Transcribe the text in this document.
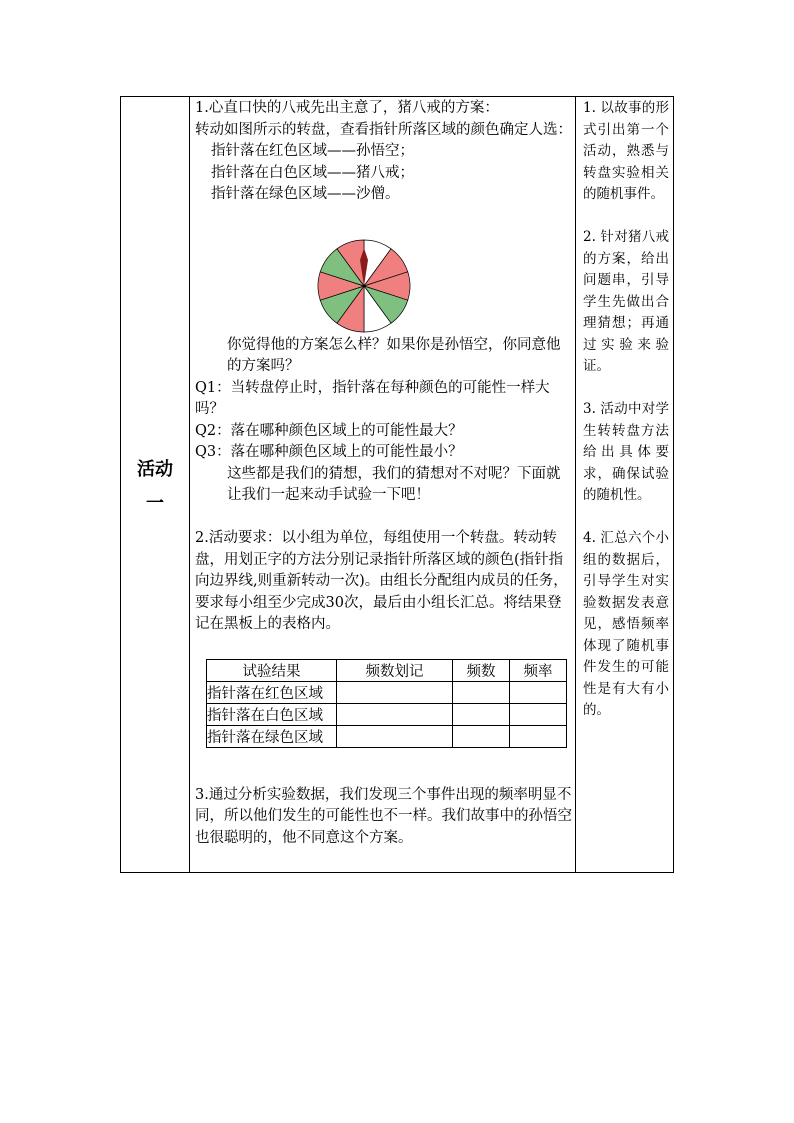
活动
一

1.心直口快的八戒先出主意了，猪八戒的方案：

转动如图所示的转盘，查看指针所落区域的颜色确定人选：

指针落在红色区域——孙悟空；

指针落在白色区域——猪八戒；

指针落在绿色区域——沙僧。

你觉得他的方案怎么样？如果你是孙悟空，你同意他的方案吗？

Q1：当转盘停止时，指针落在每种颜色的可能性一样大吗？

Q2：落在哪种颜色区域上的可能性最大？

Q3：落在哪种颜色区域上的可能性最小？

这些都是我们的猜想，我们的猜想对不对呢？下面就让我们一起来动手试验一下吧！

2.活动要求：以小组为单位，每组使用一个转盘。转动转盘，用划正字的方法分别记录指针所落区域的颜色(指针指向边界线,则重新转动一次)。由组长分配组内成员的任务，要求每小组至少完成30次，最后由小组长汇总。将结果登记在黑板上的表格内。

3.通过分析实验数据，我们发现三个事件出现的频率明显不同，所以他们发生的可能性也不一样。我们故事中的孙悟空也很聪明的，他不同意这个方案。

试验结果	频数划记	频数	频率
指针落在红色区域			
指针落在白色区域			
指针落在绿色区域			

1. 以故事的形式引出第一个活动，熟悉与转盘实验相关的随机事件。

2. 针对猪八戒的方案，给出问题串，引导学生先做出合理猜想；再通过实验来验证。

3. 活动中对学生转转盘方法给出具体要求，确保试验的随机性。

4. 汇总六个小组的数据后，引导学生对实验数据发表意见，感悟频率体现了随机事件发生的可能性是有大有小的。
